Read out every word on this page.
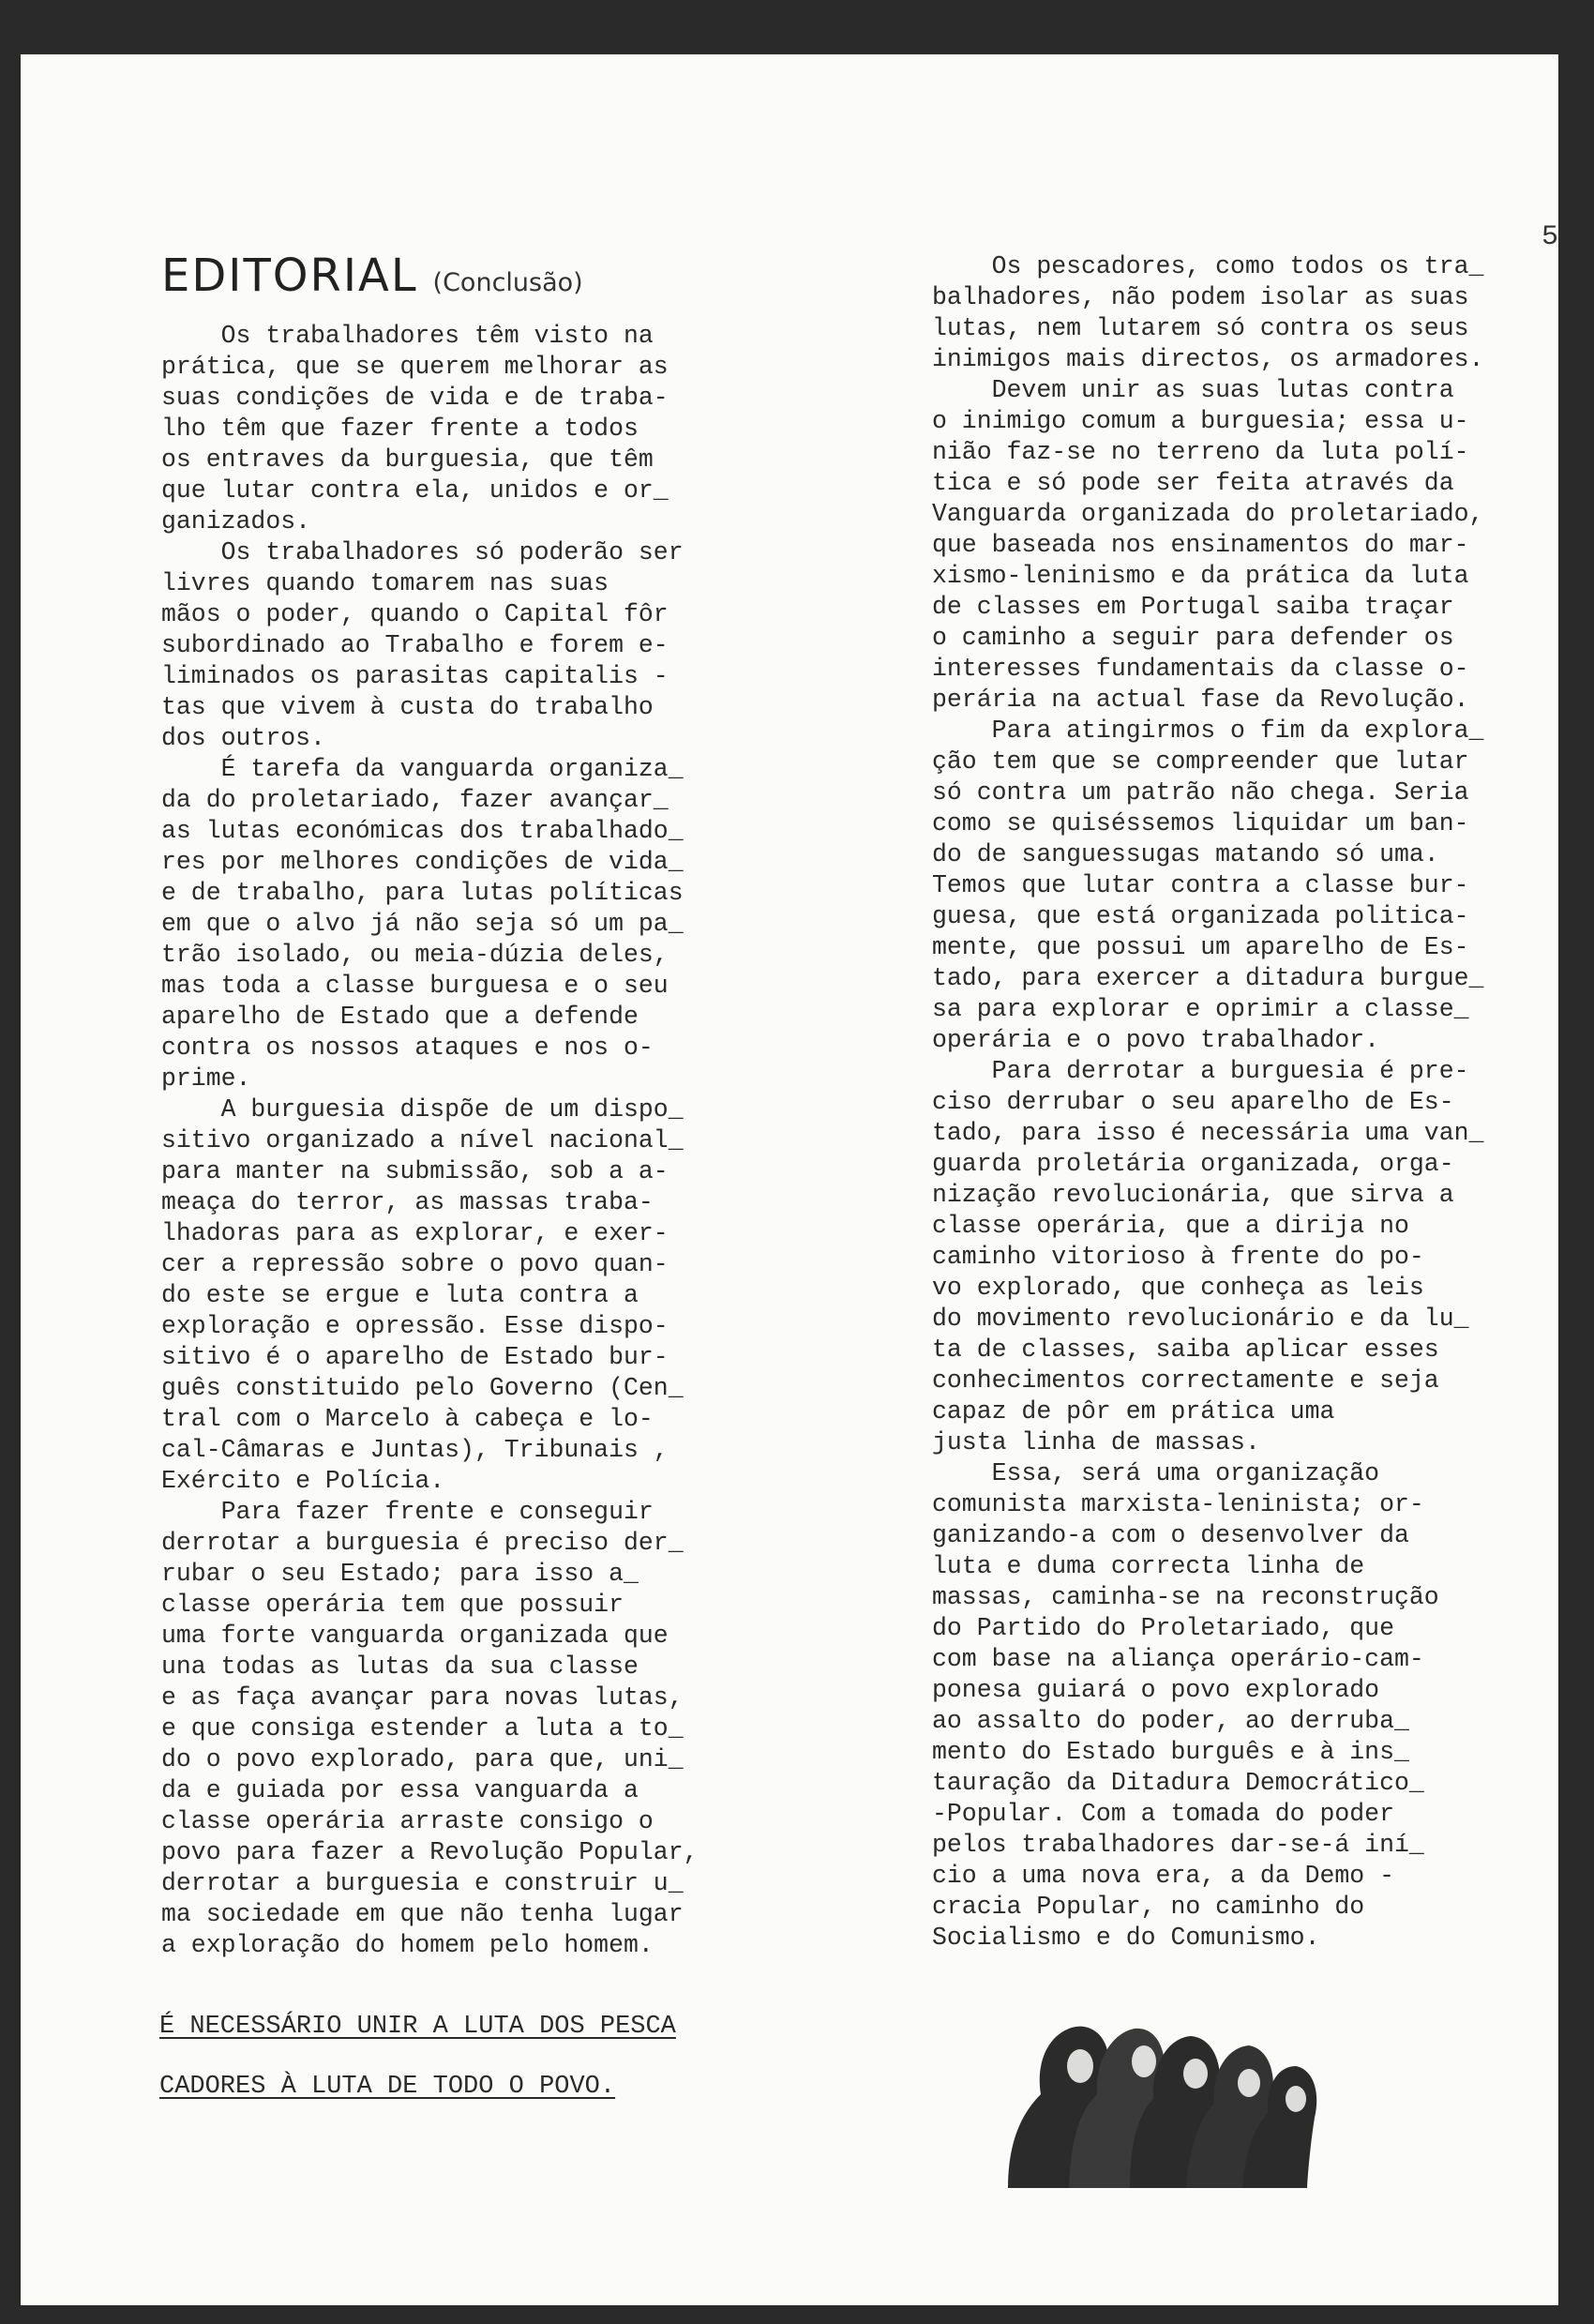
5
EDITORIAL (Conclusão)
Os trabalhadores têm visto na
prática, que se querem melhorar as
suas condições de vida e de traba-
lho têm que fazer frente a todos
os entraves da burguesia, que têm
que lutar contra ela, unidos e or_
ganizados.
Os trabalhadores só poderão ser
livres quando tomarem nas suas
mãos o poder, quando o Capital fôr
subordinado ao Trabalho e forem e-
liminados os parasitas capitalis -
tas que vivem à custa do trabalho
dos outros.
É tarefa da vanguarda organiza_
da do proletariado, fazer avançar_
as lutas económicas dos trabalhado_
res por melhores condições de vida_
e de trabalho, para lutas políticas
em que o alvo já não seja só um pa_
trão isolado, ou meia-dúzia deles,
mas toda a classe burguesa e o seu
aparelho de Estado que a defende
contra os nossos ataques e nos o-
prime.
A burguesia dispõe de um dispo_
sitivo organizado a nível nacional_
para manter na submissão, sob a a-
meaça do terror, as massas traba-
lhadoras para as explorar, e exer-
cer a repressão sobre o povo quan-
do este se ergue e luta contra a
exploração e opressão. Esse dispo-
sitivo é o aparelho de Estado bur-
guês constituido pelo Governo (Cen_
tral com o Marcelo à cabeça e lo-
cal-Câmaras e Juntas), Tribunais ,
Exército e Polícia.
Para fazer frente e conseguir
derrotar a burguesia é preciso der_
rubar o seu Estado; para isso a_
classe operária tem que possuir
uma forte vanguarda organizada que
una todas as lutas da sua classe
e as faça avançar para novas lutas,
e que consiga estender a luta a to_
do o povo explorado, para que, uni_
da e guiada por essa vanguarda a
classe operária arraste consigo o
povo para fazer a Revolução Popular,
derrotar a burguesia e construir u_
ma sociedade em que não tenha lugar
a exploração do homem pelo homem.
É NECESSÁRIO UNIR A LUTA DOS PESCA
CADORES À LUTA DE TODO O POVO.
Os pescadores, como todos os tra_
balhadores, não podem isolar as suas
lutas, nem lutarem só contra os seus
inimigos mais directos, os armadores.
Devem unir as suas lutas contra
o inimigo comum a burguesia; essa u-
nião faz-se no terreno da luta polí-
tica e só pode ser feita através da
Vanguarda organizada do proletariado,
que baseada nos ensinamentos do mar-
xismo-leninismo e da prática da luta
de classes em Portugal saiba traçar
o caminho a seguir para defender os
interesses fundamentais da classe o-
perária na actual fase da Revolução.
Para atingirmos o fim da explora_
ção tem que se compreender que lutar
só contra um patrão não chega. Seria
como se quiséssemos liquidar um ban-
do de sanguessugas matando só uma.
Temos que lutar contra a classe bur-
guesa, que está organizada politica-
mente, que possui um aparelho de Es-
tado, para exercer a ditadura burgue_
sa para explorar e oprimir a classe_
operária e o povo trabalhador.
Para derrotar a burguesia é pre-
ciso derrubar o seu aparelho de Es-
tado, para isso é necessária uma van_
guarda proletária organizada, orga-
nização revolucionária, que sirva a
classe operária, que a dirija no
caminho vitorioso à frente do po-
vo explorado, que conheça as leis
do movimento revolucionário e da lu_
ta de classes, saiba aplicar esses
conhecimentos correctamente e seja
capaz de pôr em prática uma
justa linha de massas.
Essa, será uma organização
comunista marxista-leninista; or-
ganizando-a com o desenvolver da
luta e duma correcta linha de
massas, caminha-se na reconstrução
do Partido do Proletariado, que
com base na aliança operário-cam-
ponesa guiará o povo explorado
ao assalto do poder, ao derruba_
mento do Estado burguês e à ins_
tauração da Ditadura Democrático_
-Popular. Com a tomada do poder
pelos trabalhadores dar-se-á iní_
cio a uma nova era, a da Demo -
cracia Popular, no caminho do
Socialismo e do Comunismo.
